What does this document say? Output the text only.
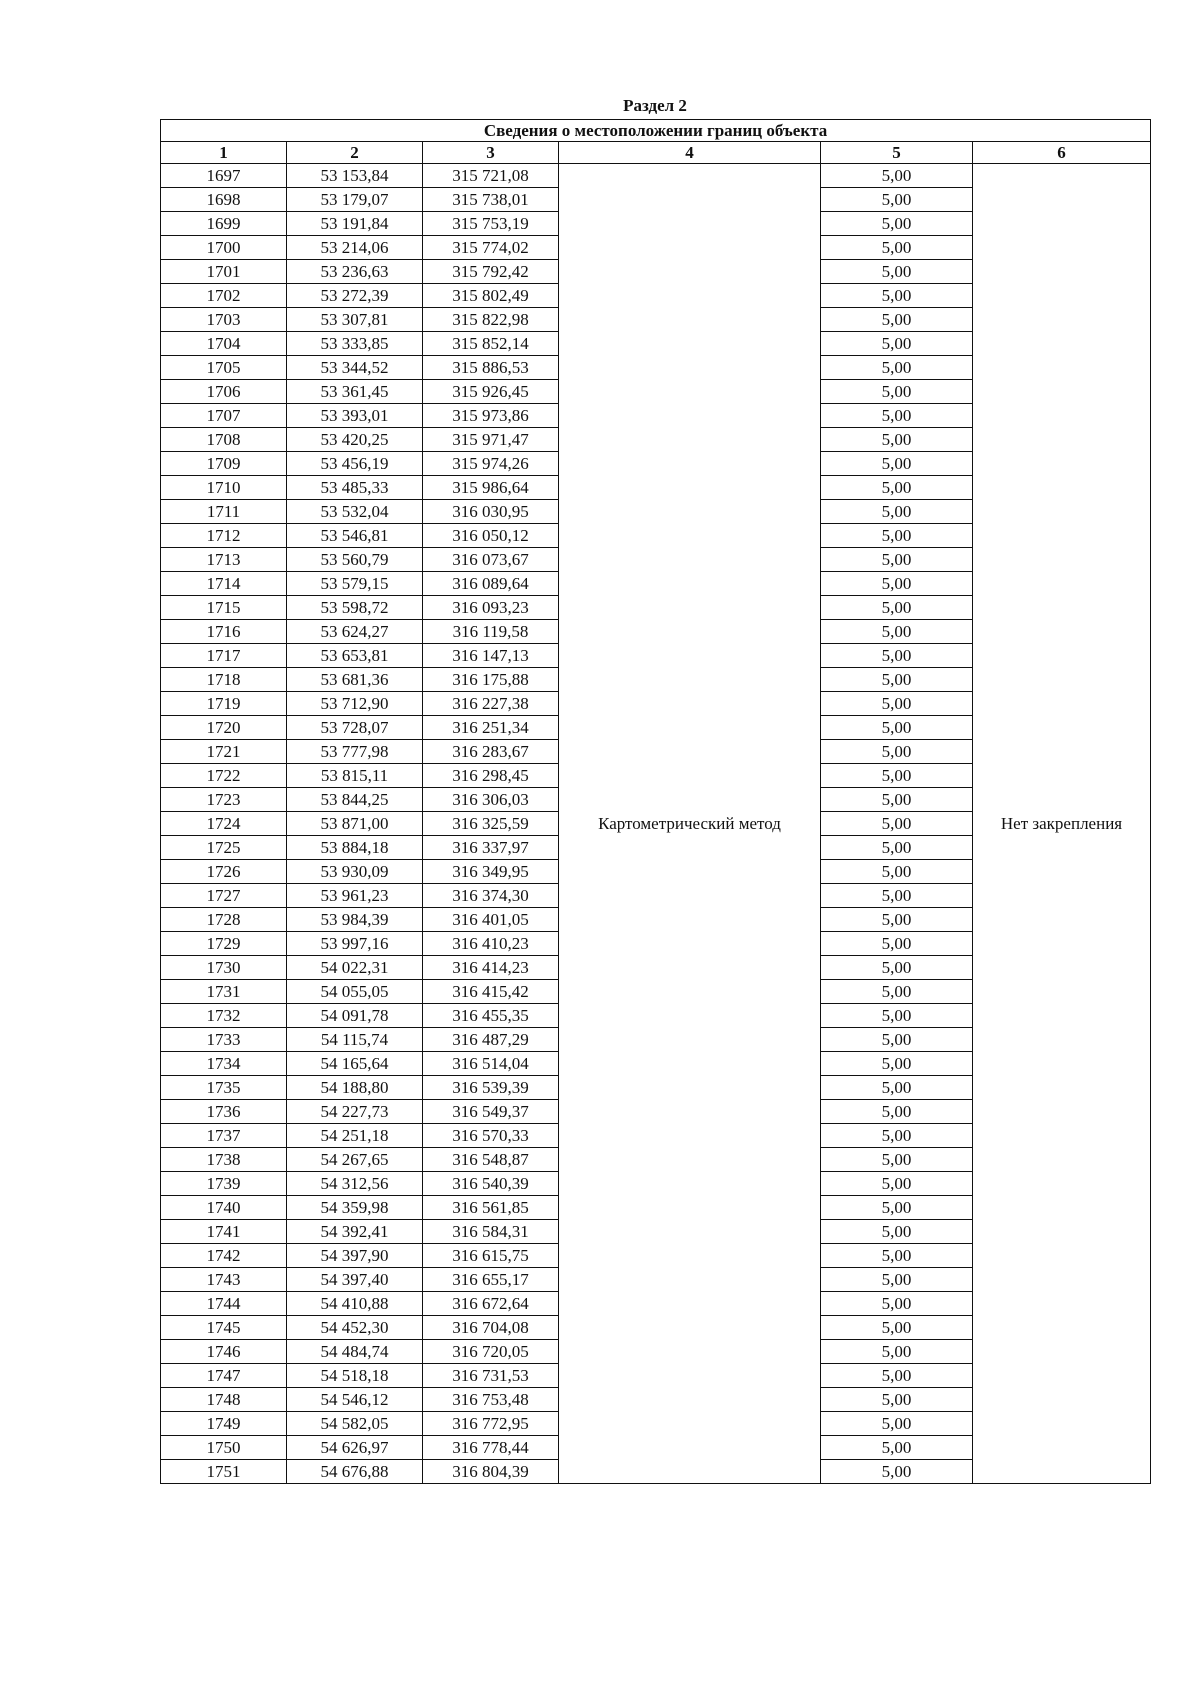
Раздел 2
Сведения о местоположении границ объекта					
1	2	3	4	5	6
1697	53 153,84	315 721,08	Картометрический метод	5,00	Нет закрепления
1698	53 179,07	315 738,01		5,00	
1699	53 191,84	315 753,19		5,00	
1700	53 214,06	315 774,02		5,00	
1701	53 236,63	315 792,42		5,00	
1702	53 272,39	315 802,49		5,00	
1703	53 307,81	315 822,98		5,00	
1704	53 333,85	315 852,14		5,00	
1705	53 344,52	315 886,53		5,00	
1706	53 361,45	315 926,45		5,00	
1707	53 393,01	315 973,86		5,00	
1708	53 420,25	315 971,47		5,00	
1709	53 456,19	315 974,26		5,00	
1710	53 485,33	315 986,64		5,00	
1711	53 532,04	316 030,95		5,00	
1712	53 546,81	316 050,12		5,00	
1713	53 560,79	316 073,67		5,00	
1714	53 579,15	316 089,64		5,00	
1715	53 598,72	316 093,23		5,00	
1716	53 624,27	316 119,58		5,00	
1717	53 653,81	316 147,13		5,00	
1718	53 681,36	316 175,88		5,00	
1719	53 712,90	316 227,38		5,00	
1720	53 728,07	316 251,34		5,00	
1721	53 777,98	316 283,67		5,00	
1722	53 815,11	316 298,45		5,00	
1723	53 844,25	316 306,03		5,00	
1724	53 871,00	316 325,59		5,00	
1725	53 884,18	316 337,97		5,00	
1726	53 930,09	316 349,95		5,00	
1727	53 961,23	316 374,30		5,00	
1728	53 984,39	316 401,05		5,00	
1729	53 997,16	316 410,23		5,00	
1730	54 022,31	316 414,23		5,00	
1731	54 055,05	316 415,42		5,00	
1732	54 091,78	316 455,35		5,00	
1733	54 115,74	316 487,29		5,00	
1734	54 165,64	316 514,04		5,00	
1735	54 188,80	316 539,39		5,00	
1736	54 227,73	316 549,37		5,00	
1737	54 251,18	316 570,33		5,00	
1738	54 267,65	316 548,87		5,00	
1739	54 312,56	316 540,39		5,00	
1740	54 359,98	316 561,85		5,00	
1741	54 392,41	316 584,31		5,00	
1742	54 397,90	316 615,75		5,00	
1743	54 397,40	316 655,17		5,00	
1744	54 410,88	316 672,64		5,00	
1745	54 452,30	316 704,08		5,00	
1746	54 484,74	316 720,05		5,00	
1747	54 518,18	316 731,53		5,00	
1748	54 546,12	316 753,48		5,00	
1749	54 582,05	316 772,95		5,00	
1750	54 626,97	316 778,44		5,00	
1751	54 676,88	316 804,39		5,00	
